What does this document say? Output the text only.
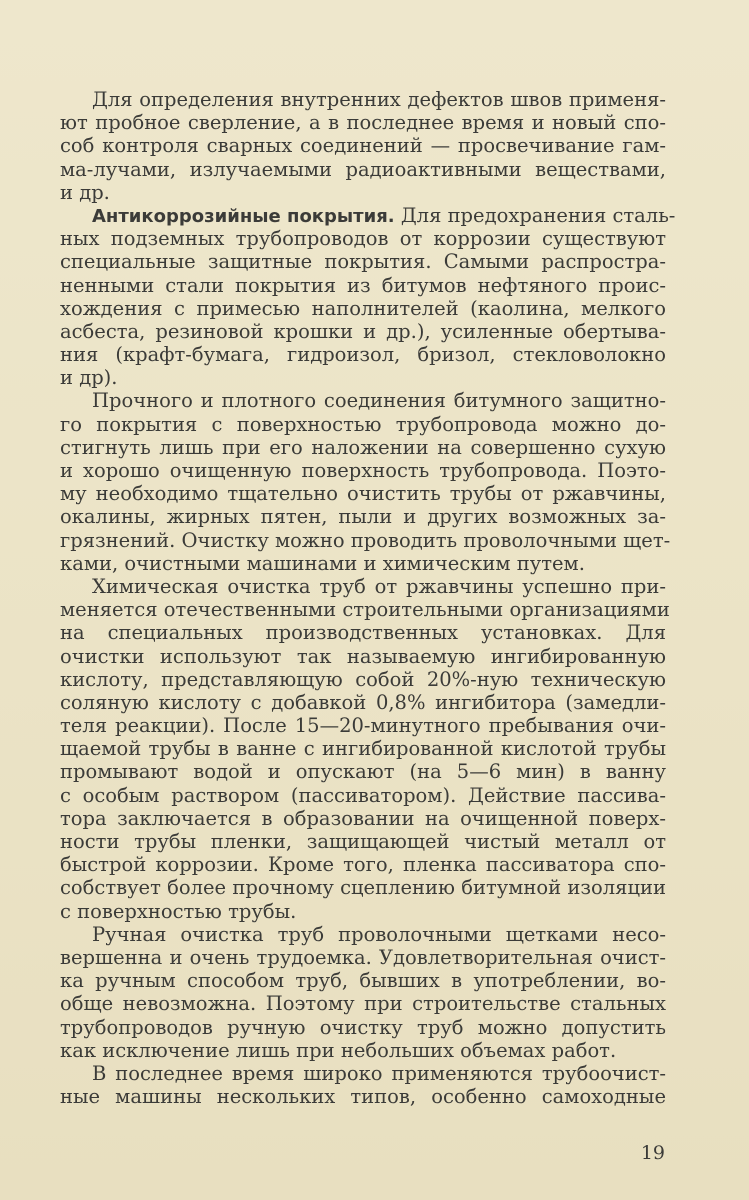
Для определения внутренних дефектов швов применя-
ют пробное сверление, а в последнее время и новый спо-
соб контроля сварных соединений — просвечивание гам-
ма-лучами, излучаемыми радиоактивными веществами,
и др.
Антикоррозийные покрытия. Для предохранения сталь-
ных подземных трубопроводов от коррозии существуют
специальные защитные покрытия. Самыми распростра-
ненными стали покрытия из битумов нефтяного проис-
хождения с примесью наполнителей (каолина, мелкого
асбеста, резиновой крошки и др.), усиленные обертыва-
ния (крафт-бумага, гидроизол, бризол, стекловолокно
и др).
Прочного и плотного соединения битумного защитно-
го покрытия с поверхностью трубопровода можно до-
стигнуть лишь при его наложении на совершенно сухую
и хорошо очищенную поверхность трубопровода. Поэто-
му необходимо тщательно очистить трубы от ржавчины,
окалины, жирных пятен, пыли и других возможных за-
грязнений. Очистку можно проводить проволочными щет-
ками, очистными машинами и химическим путем.
Химическая очистка труб от ржавчины успешно при-
меняется отечественными строительными организациями
на специальных производственных установках. Для
очистки используют так называемую ингибированную
кислоту, представляющую собой 20%-ную техническую
соляную кислоту с добавкой 0,8% ингибитора (замедли-
теля реакции). После 15—20-минутного пребывания очи-
щаемой трубы в ванне с ингибированной кислотой трубы
промывают водой и опускают (на 5—6 мин) в ванну
с особым раствором (пассиватором). Действие пассива-
тора заключается в образовании на очищенной поверх-
ности трубы пленки, защищающей чистый металл от
быстрой коррозии. Кроме того, пленка пассиватора спо-
собствует более прочному сцеплению битумной изоляции
с поверхностью трубы.
Ручная очистка труб проволочными щетками несо-
вершенна и очень трудоемка. Удовлетворительная очист-
ка ручным способом труб, бывших в употреблении, во-
обще невозможна. Поэтому при строительстве стальных
трубопроводов ручную очистку труб можно допустить
как исключение лишь при небольших объемах работ.
В последнее время широко применяются трубоочист-
ные машины нескольких типов, особенно самоходные
19
